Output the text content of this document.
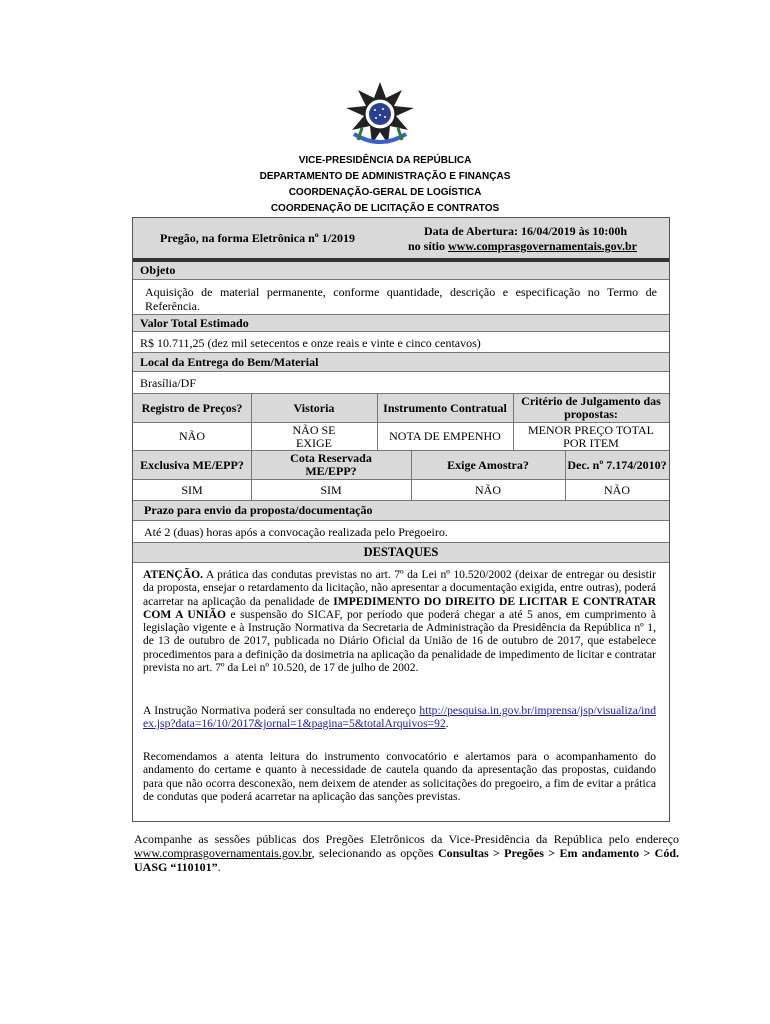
VICE-PRESIDÊNCIA DA REPÚBLICA
DEPARTAMENTO DE ADMINISTRAÇÃO E FINANÇAS
COORDENAÇÃO-GERAL DE LOGÍSTICA
COORDENAÇÃO DE LICITAÇÃO E CONTRATOS
Pregão, na forma Eletrônica nº 1/2019	Data de Abertura: 16/04/2019 às 10:00h
no sítio www.comprasgovernamentais.gov.br
Objeto
Aquisição de material permanente, conforme quantidade, descrição e especificação no Termo de Referência.
Valor Total Estimado
R$ 10.711,25 (dez mil setecentos e onze reais e vinte e cinco centavos)
Local da Entrega do Bem/Material
Brasília/DF
Registro de Preços?	Vistoria	Instrumento Contratual	Critério de Julgamento das propostas:
NÃO	NÃO SE EXIGE	NOTA DE EMPENHO	MENOR PREÇO TOTAL POR ITEM
Exclusiva ME/EPP?	Cota Reservada ME/EPP?	Exige Amostra?	Dec. nº 7.174/2010?
SIM	SIM	NÃO	NÃO
Prazo para envio da proposta/documentação
Até 2 (duas) horas após a convocação realizada pelo Pregoeiro.
DESTAQUES
ATENÇÃO. A prática das condutas previstas no art. 7º da Lei nº 10.520/2002 (deixar de entregar ou desistir da proposta, ensejar o retardamento da licitação, não apresentar a documentação exigida, entre outras), poderá acarretar na aplicação da penalidade de IMPEDIMENTO DO DIREITO DE LICITAR E CONTRATAR COM A UNIÃO e suspensão do SICAF, por período que poderá chegar a até 5 anos, em cumprimento à legislação vigente e à Instrução Normativa da Secretaria de Administração da Presidência da República nº 1, de 13 de outubro de 2017, publicada no Diário Oficial da União de 16 de outubro de 2017, que estabelece procedimentos para a definição da dosimetria na aplicação da penalidade de impedimento de licitar e contratar prevista no art. 7º da Lei nº 10.520, de 17 de julho de 2002.
A Instrução Normativa poderá ser consultada no endereço http://pesquisa.in.gov.br/imprensa/jsp/visualiza/index.jsp?data=16/10/2017&jornal=1&pagina=5&totalArquivos=92.
Recomendamos a atenta leitura do instrumento convocatório e alertamos para o acompanhamento do andamento do certame e quanto à necessidade de cautela quando da apresentação das propostas, cuidando para que não ocorra desconexão, nem deixem de atender as solicitações do pregoeiro, a fim de evitar a prática de condutas que poderá acarretar na aplicação das sanções previstas.
Acompanhe as sessões públicas dos Pregões Eletrônicos da Vice-Presidência da República pelo endereço www.comprasgovernamentais.gov.br, selecionando as opções Consultas > Pregões > Em andamento > Cód. UASG “110101”.
